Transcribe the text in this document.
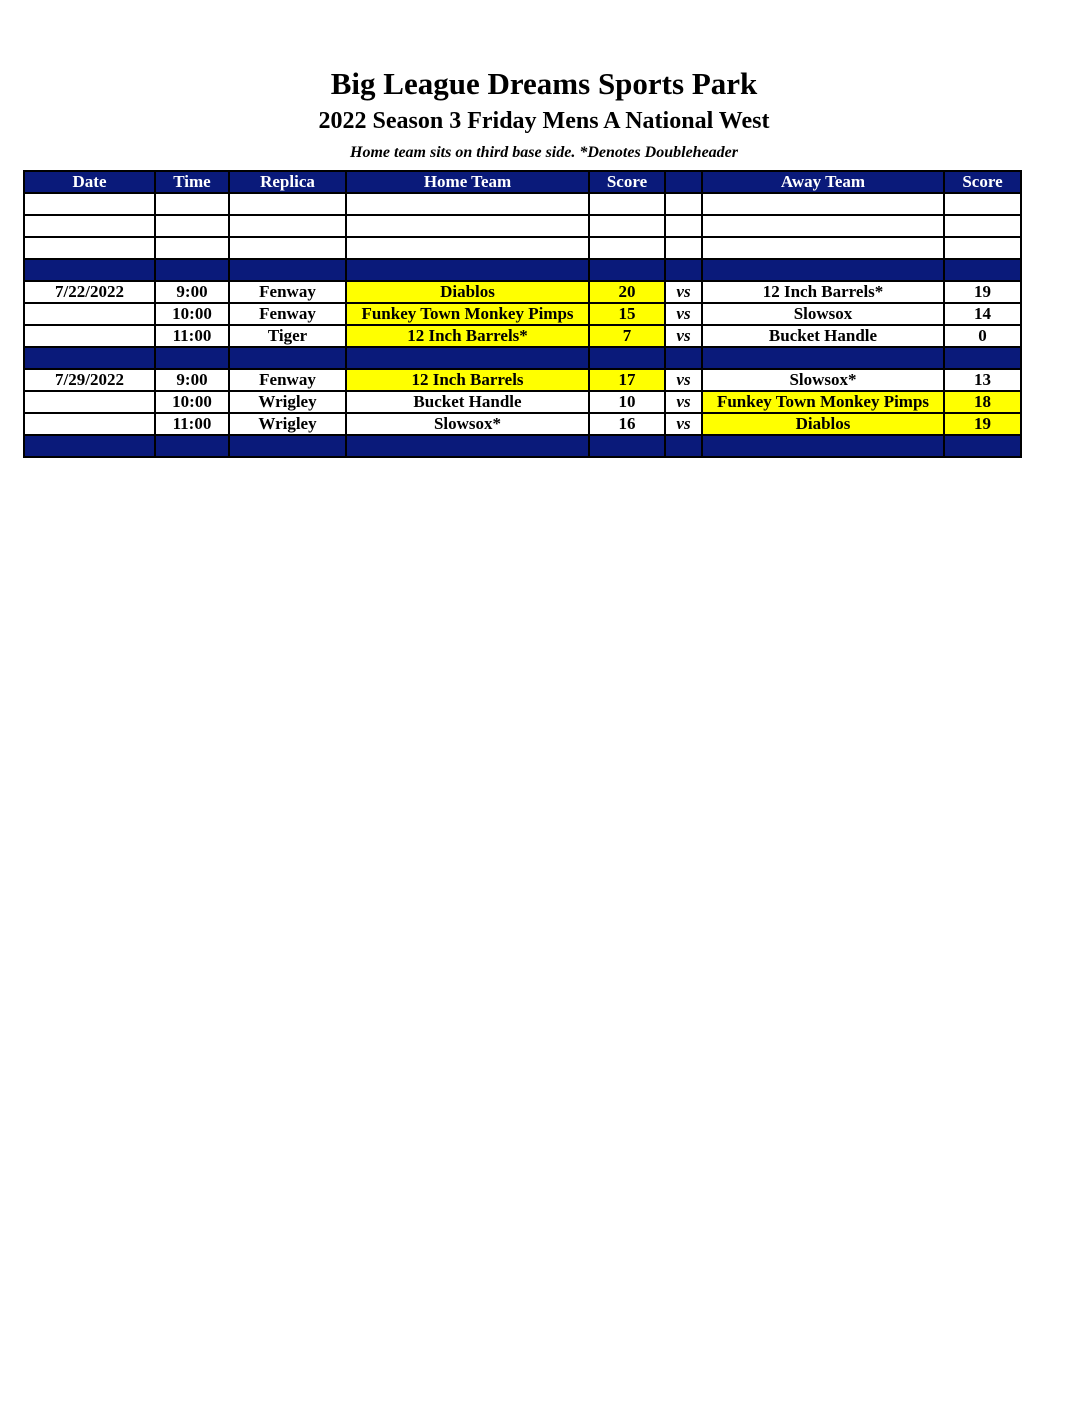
Big League Dreams Sports Park
2022 Season 3 Friday Mens A National West
Home team sits on third base side. *Denotes Doubleheader
Date	Time	Replica	Home Team	Score		Away Team	Score

7/22/2022	9:00	Fenway	Diablos	20	vs	12 Inch Barrels*	19
	10:00	Fenway	Funkey Town Monkey Pimps	15	vs	Slowsox	14
	11:00	Tiger	12 Inch Barrels*	7	vs	Bucket Handle	0

7/29/2022	9:00	Fenway	12 Inch Barrels	17	vs	Slowsox*	13
	10:00	Wrigley	Bucket Handle	10	vs	Funkey Town Monkey Pimps	18
	11:00	Wrigley	Slowsox*	16	vs	Diablos	19
